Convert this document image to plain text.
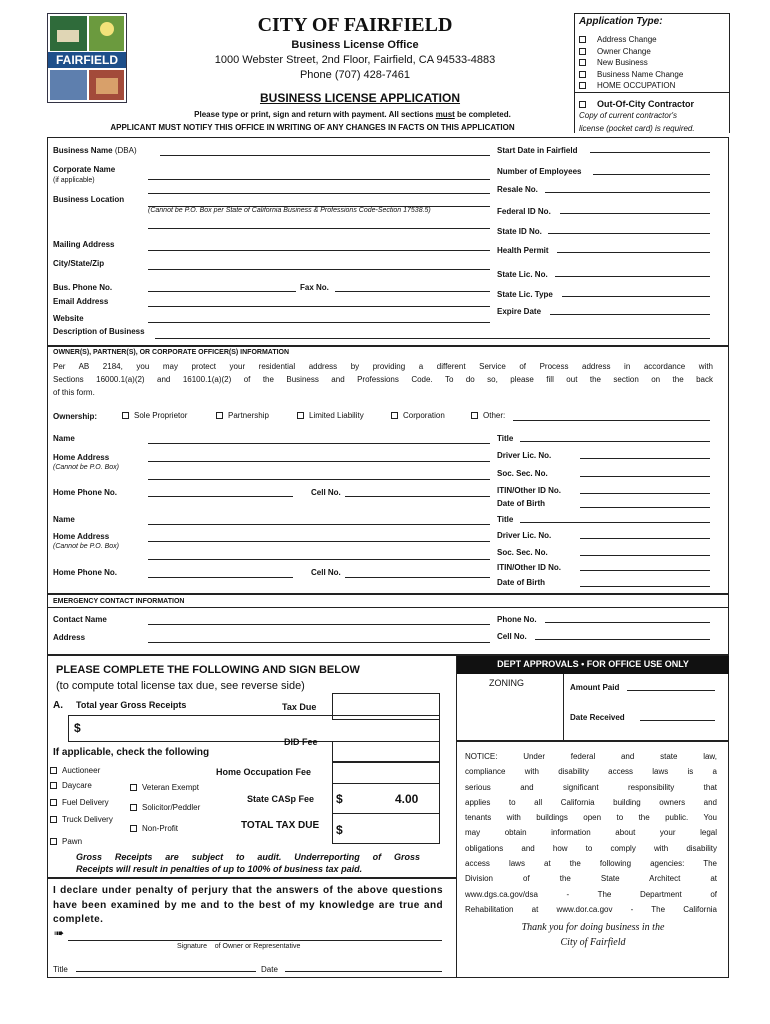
FAIRFIELD
CITY OF FAIRFIELD
Business License Office
1000 Webster Street, 2nd Floor, Fairfield, CA 94533-4883
Phone (707) 428-7461
BUSINESS LICENSE APPLICATION
Please type or print, sign and return with payment. All sections must be completed.
APPLICANT MUST NOTIFY THIS OFFICE IN WRITING OF ANY CHANGES IN FACTS ON THIS APPLICATION
Application Type:
Address Change
Owner Change
New Business
Business Name Change
HOME OCCUPATION
Out-Of-City Contractor
Copy of current contractor's
license (pocket card) is required.
Business Name (DBA)
Corporate Name
(if applicable)
Business Location
(Cannot be P.O. Box per State of California Business & Professions Code-Section 17538.5)
Mailing Address
City/State/Zip
Bus. Phone No.	Fax No.
Email Address
Website
Description of Business
Start Date in Fairfield
Number of Employees
Resale No.
Federal ID No.
State ID No.
Health Permit
State Lic. No.
State Lic. Type
Expire Date
OWNER(S), PARTNER(S), OR CORPORATE OFFICER(S) INFORMATION
Per AB 2184, you may protect your residential address by providing a different Service of Process address in accordance with
Sections 16000.1(a)(2) and 16100.1(a)(2) of the Business and Professions Code. To do so, please fill out the section on the back
of this form.
Ownership:	Sole Proprietor	Partnership	Limited Liability	Corporation	Other:
Name
Home Address
(Cannot be P.O. Box)
Home Phone No.	Cell No.
Title
Driver Lic. No.
Soc. Sec. No.
ITIN/Other ID No.
Date of Birth
Name
Home Address
(Cannot be P.O. Box)
Home Phone No.	Cell No.
Title
Driver Lic. No.
Soc. Sec. No.
ITIN/Other ID No.
Date of Birth
EMERGENCY CONTACT INFORMATION
Contact Name
Address
Phone No.
Cell No.
PLEASE COMPLETE THE FOLLOWING AND SIGN BELOW
(to compute total license tax due, see reverse side)
A. Total year Gross Receipts	Tax Due
$
DID Fee
If applicable, check the following
Auctioneer
Daycare
Fuel Delivery
Truck Delivery
Pawn
Veteran Exempt
Solicitor/Peddler
Non-Profit
Home Occupation Fee
State CASp Fee $	4.00
TOTAL TAX DUE $
Gross Receipts are subject to audit. Underreporting of Gross
Receipts will result in penalties of up to 100% of business tax paid.
I declare under penalty of perjury that the answers of the above questions have been examined by me and to the best of my knowledge are true and complete.
➠
Signature of Owner or Representative
Title	Date
DEPT APPROVALS • FOR OFFICE USE ONLY
ZONING	Amount Paid
Date Received
NOTICE: Under federal and state law,
compliance with disability access laws is a
serious and significant responsibility that
applies to all California building owners and
tenants with buildings open to the public. You
may obtain information about your legal
obligations and how to comply with disability
access laws at the following agencies: The
Division of the State Architect at
www.dgs.ca.gov/dsa - The Department of
Rehabilitation at www.dor.ca.gov - The California
Thank you for doing business in the
City of Fairfield
